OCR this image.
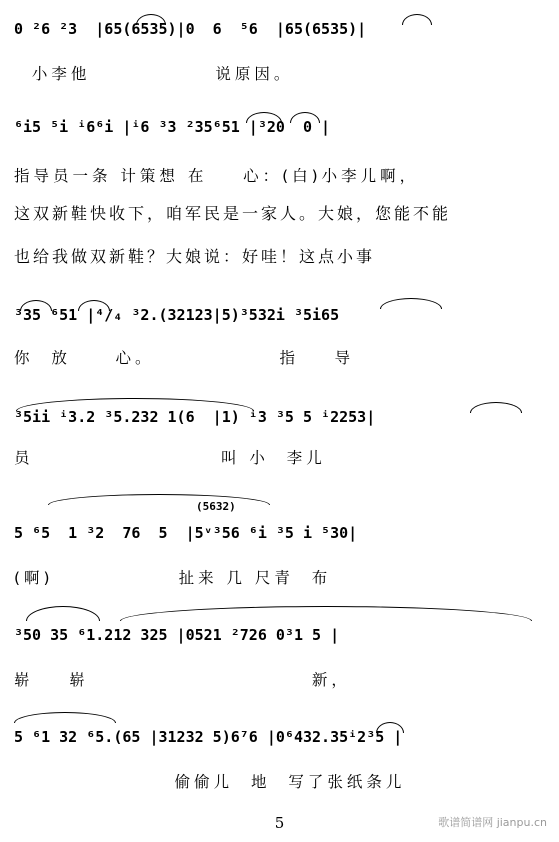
0 ²6 ²3  |65(6535)|0  6  ⁵6  |65(6535)|
小李他              说原因。
⁶i5 ⁵i ⁱ6⁶i |ⁱ6 ³3 ²35⁶51 |³20  0 |
指导员一条 计策想 在    心：(白)小李儿啊，
这双新鞋快收下，咱军民是一家人。大娘，您能不能
也给我做双新鞋？大娘说：好哇！这点小事
³35 ⁶51 |⁴/₄ ³2.(32123|5)³532i ³5i65
你  放     心。              指    导
³5ii ⁱ3.2 ³5.232 1(6  |1) ⁱ3 ³5 5 ⁱ2253|
员                     叫 小  李儿
5 ⁶5  1 ³2  76  5  |5ᵛ³56 ⁶i ³5 i ⁵30|
(啊)              扯来 几 尺青  布
(5632)
³50 35 ⁶1.212 325 |0521 ²726 0³1 5 |
崭    崭                         新，
5 ⁶1 32 ⁶5.(65 |31232 5)6⁷6 |0⁶432.35ⁱ2³5 |
偷偷儿  地  写了张纸条儿
5	歌谱简谱网 jianpu.cn
